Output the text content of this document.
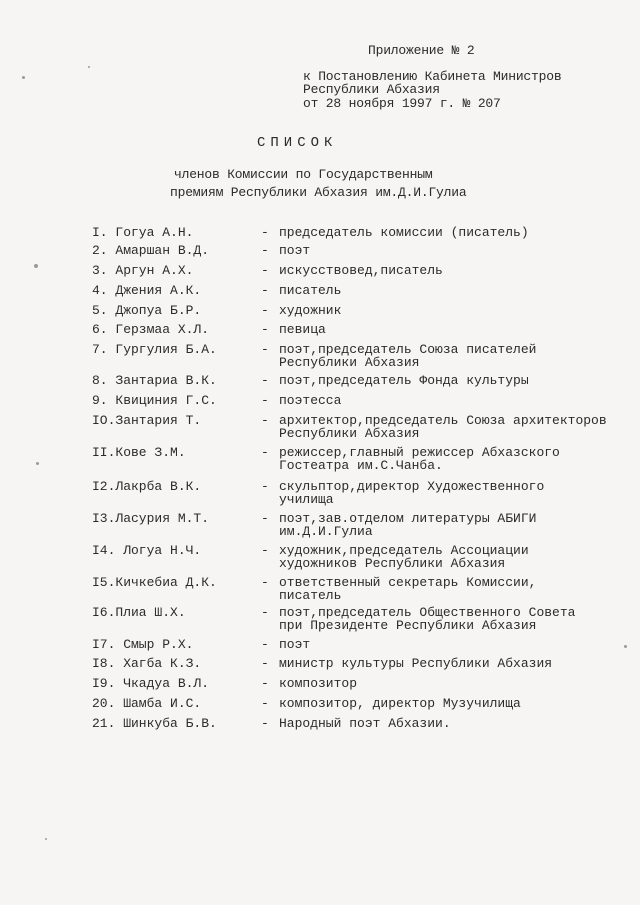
Приложение № 2
к Постановлению Кабинета Министров
Республики Абхазия
от 28 ноября 1997 г. № 207
СПИСОК
членов Комиссии по Государственным
премиям Республики Абхазия им.Д.И.Гулиа
I. Гогуа А.Н.	- председатель комиссии (писатель)
2. Амаршан В.Д.	- поэт
3. Аргун А.Х.	- искусствовед,писатель
4. Джения А.К.	- писатель
5. Джопуа Б.Р.	- художник
6. Герзмаа Х.Л.	- певица
7. Гургулия Б.А.	- поэт,председатель Союза писателей
Республики Абхазия
8. Зантариа В.К.	- поэт,председатель Фонда культуры
9. Квициния Г.С.	- поэтесса
IO.Зантария Т.	- архитектор,председатель Союза архитекторов
Республики Абхазия
II.Кове З.М.	- режиссер,главный режиссер Абхазского
Гостеатра им.С.Чанба.
I2.Лакрба В.К.	- скульптор,директор Художественного
училища
I3.Ласурия М.Т.	- поэт,зав.отделом литературы АБИГИ
им.Д.И.Гулиа
I4. Логуа Н.Ч.	- художник,председатель Ассоциации
художников Республики Абхазия
I5.Кичкебиа Д.К.	- ответственный секретарь Комиссии,
писатель
I6.Плиа Ш.Х.	- поэт,председатель Общественного Совета
при Президенте Республики Абхазия
I7. Смыр Р.Х.	- поэт
I8. Хагба К.З.	- министр культуры Республики Абхазия
I9. Чкадуа В.Л.	- композитор
20. Шамба И.С.	- композитор, директор Музучилища
21. Шинкуба Б.В.	- Народный поэт Абхазии.
